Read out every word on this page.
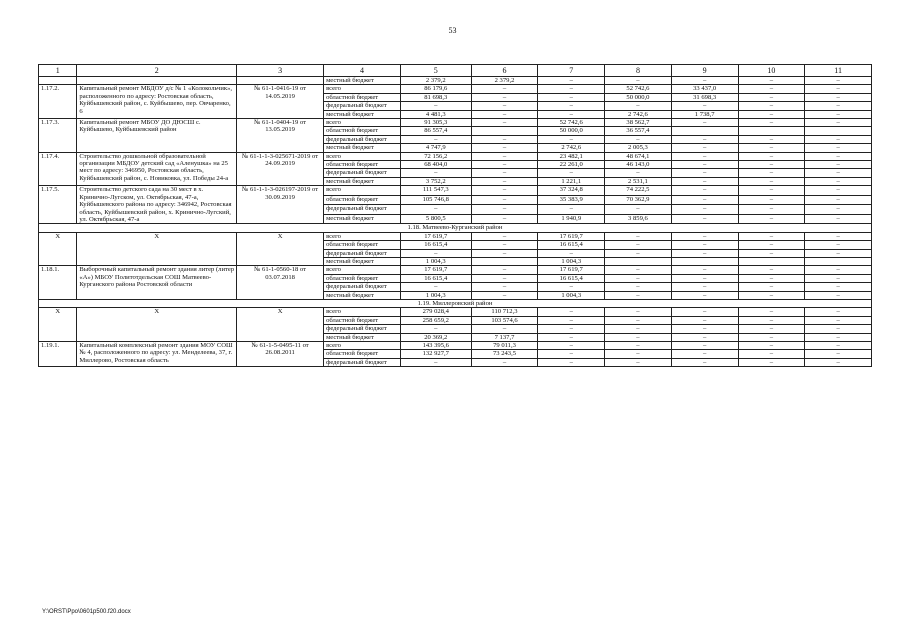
53
1	2	3	4	5	6	7	8	9	10	11
			местный бюджет	2 379,2	2 379,2	–	–	–	–	–
1.17.2.	Капитальный ремонт МБДОУ д/с № 1 «Колокольчик», расположенного по адресу: Ростовская область, Куйбышевский район, с. Куйбышево, пер. Овчаренко, 6	№ 61-1-0416-19 от 14.05.2019	всего	86 179,6	–	–	52 742,6	33 437,0	–	–
			областной бюджет	81 698,3	–	–	50 000,0	31 698,3	–	–
			федеральный бюджет	–	–	–	–	–	–	–
			местный бюджет	4 481,3	–	–	2 742,6	1 738,7	–	–
1.17.3.	Капитальный ремонт МБОУ ДО ДЮСШ с. Куйбышево, Куйбышевский район	№ 61-1-0404-19 от 13.05.2019	всего	91 305,3	–	52 742,6	38 562,7	–	–	–
			областной бюджет	86 557,4		50 000,0	36 557,4			
			федеральный бюджет	–	–	–	–	–	–	–
			местный бюджет	4 747,9	–	2 742,6	2 005,3	–	–	–
1.17.4.	Строительство дошкольной образовательной организации МБДОУ детский сад «Аленушка» на 25 мест по адресу: 346950, Ростовская область, Куйбышевский район, с. Новиковка, ул. Победы 24-а	№ 61-1-1-3-025671-2019 от 24.09.2019	всего	72 156,2	–	23 482,1	48 674,1	–	–	–
			областной бюджет	68 404,0	–	22 261,0	46 143,0	–	–	–
			федеральный бюджет	–	–	–	–	–	–	–
			местный бюджет	3 752,2	–	1 221,1	2 531,1	–	–	–
1.17.5.	Строительство детского сада на 30 мест в х. Кринично-Лугском, ул. Октябрьская, 47-а, Куйбышевского района по адресу: 346942, Ростовская область, Куйбышевский район, х. Кринично-Лугский, ул. Октябрьская, 47-а	№ 61-1-1-3-026197-2019 от 30.09.2019	всего	111 547,3	–	37 324,8	74 222,5	–	–	–
			областной бюджет	105 746,8	–	35 383,9	70 362,9	–	–	–
			федеральный бюджет	–	–	–	–	–	–	–
			местный бюджет	5 800,5	–	1 940,9	3 859,6	–	–	–
1.18. Матвеево-Курганский район										
X	X	X	всего	17 619,7	–	17 619,7	–	–	–	–
			областной бюджет	16 615,4	–	16 615,4	–	–	–	–
			федеральный бюджет	–	–	–	–	–	–	–
			местный бюджет	1 004,3		1 004,3				
1.18.1.	Выборочный капитальный ремонт здания литер (литер «А») МБОУ Политотдельская СОШ Матвеево-Курганского района Ростовской области	№ 61-1-0560-18 от 03.07.2018	всего	17 619,7	–	17 619,7	–	–	–	–
			областной бюджет	16 615,4	–	16 615,4	–	–	–	–
			федеральный бюджет	–	–	–	–	–	–	–
			местный бюджет	1 004,3	–	1 004,3	–	–	–	–
1.19. Миллеровский район										
X	X	X	всего	279 028,4	110 712,3	–	–	–	–	–
			областной бюджет	258 659,2	103 574,6	–	–	–	–	–
			федеральный бюджет	–	–	–	–	–	–	–
			местный бюджет	20 369,2	7 137,7	–	–	–	–	–
1.19.1.	Капитальный комплексный ремонт здания МОУ СОШ № 4, расположенного по адресу: ул. Менделеева, 37, г. Миллерово, Ростовская область	№ 61-1-5-0495-11 от 26.08.2011	всего	143 395,6	79 011,3	–	–	–	–	–
			областной бюджет	132 927,7	73 243,5	–	–	–	–	–
			федеральный бюджет	–	–	–	–	–	–	–
Y:\ORST\Ppo\0601p500.f20.docx
